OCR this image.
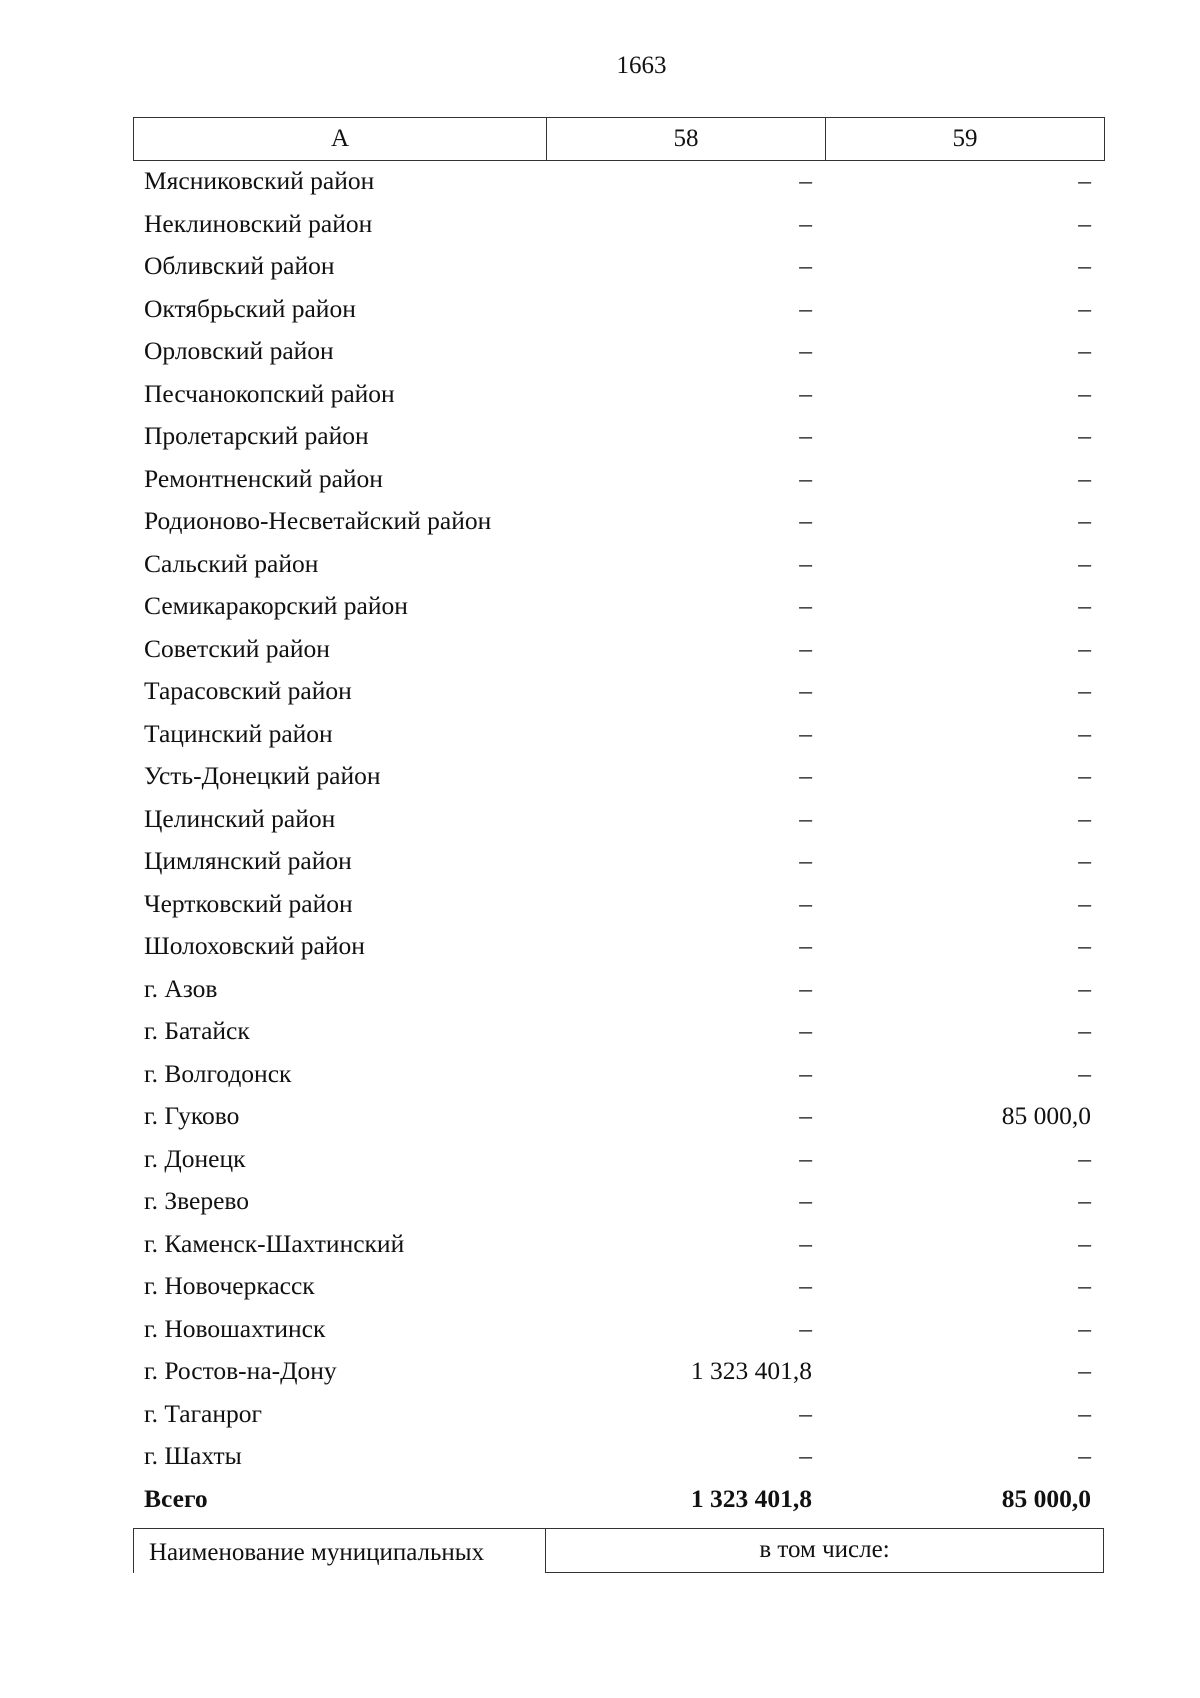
1663
А	58	59
Мясниковский район	–	–
Неклиновский район	–	–
Обливский район	–	–
Октябрьский район	–	–
Орловский район	–	–
Песчанокопский район	–	–
Пролетарский район	–	–
Ремонтненский район	–	–
Родионово-Несветайский район	–	–
Сальский район	–	–
Семикаракорский район	–	–
Советский район	–	–
Тарасовский район	–	–
Тацинский район	–	–
Усть-Донецкий район	–	–
Целинский район	–	–
Цимлянский район	–	–
Чертковский район	–	–
Шолоховский район	–	–
г. Азов	–	–
г. Батайск	–	–
г. Волгодонск	–	–
г. Гуково	–	85 000,0
г. Донецк	–	–
г. Зверево	–	–
г. Каменск-Шахтинский	–	–
г. Новочеркасск	–	–
г. Новошахтинск	–	–
г. Ростов-на-Дону	1 323 401,8	–
г. Таганрог	–	–
г. Шахты	–	–
Всего	1 323 401,8	85 000,0
Наименование муниципальных	в том числе:
